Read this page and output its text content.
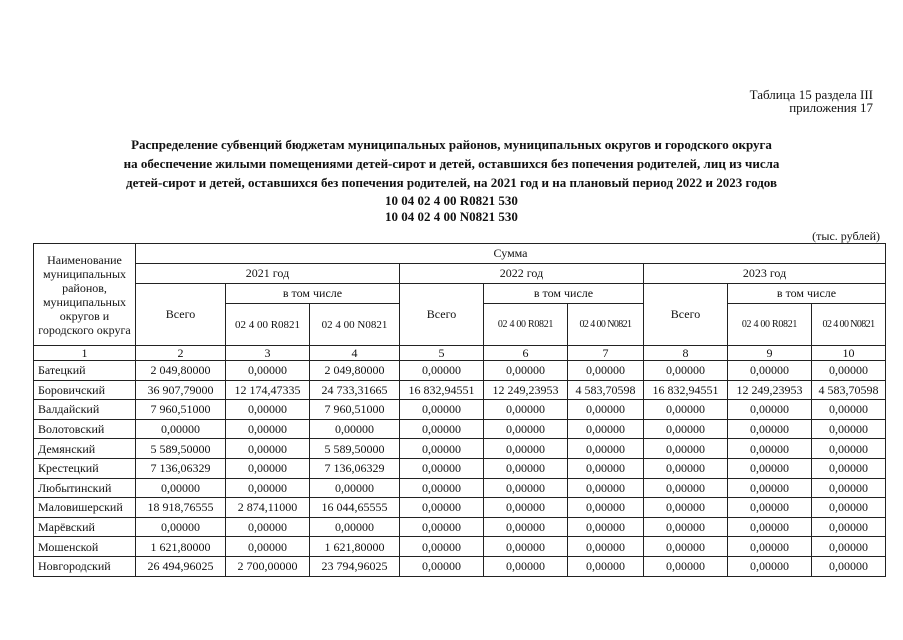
Таблица 15 раздела III
приложения 17
Распределение субвенций бюджетам муниципальных районов, муниципальных округов и городского округа
на обеспечение жилыми помещениями детей-сирот и детей, оставшихся без попечения родителей, лиц из числа
детей-сирот и детей, оставшихся без попечения родителей, на 2021 год и на плановый период 2022 и 2023 годов
10 04 02 4 00 R0821 530
10 04 02 4 00 N0821 530
(тыс. рублей)
Наименование муниципальных районов, муниципальных округов и городского округа	Сумма								
	2021 год			2022 год			2023 год		
	Всего	в том числе		Всего	в том числе		Всего	в том числе	
		02 4 00 R0821	02 4 00 N0821		02 4 00 R0821	02 4 00 N0821		02 4 00 R0821	02 4 00 N0821
1	2	3	4	5	6	7	8	9	10
Батецкий	2 049,80000	0,00000	2 049,80000	0,00000	0,00000	0,00000	0,00000	0,00000	0,00000
Боровичский	36 907,79000	12 174,47335	24 733,31665	16 832,94551	12 249,23953	4 583,70598	16 832,94551	12 249,23953	4 583,70598
Валдайский	7 960,51000	0,00000	7 960,51000	0,00000	0,00000	0,00000	0,00000	0,00000	0,00000
Волотовский	0,00000	0,00000	0,00000	0,00000	0,00000	0,00000	0,00000	0,00000	0,00000
Демянский	5 589,50000	0,00000	5 589,50000	0,00000	0,00000	0,00000	0,00000	0,00000	0,00000
Крестецкий	7 136,06329	0,00000	7 136,06329	0,00000	0,00000	0,00000	0,00000	0,00000	0,00000
Любытинский	0,00000	0,00000	0,00000	0,00000	0,00000	0,00000	0,00000	0,00000	0,00000
Маловишерский	18 918,76555	2 874,11000	16 044,65555	0,00000	0,00000	0,00000	0,00000	0,00000	0,00000
Марёвский	0,00000	0,00000	0,00000	0,00000	0,00000	0,00000	0,00000	0,00000	0,00000
Мошенской	1 621,80000	0,00000	1 621,80000	0,00000	0,00000	0,00000	0,00000	0,00000	0,00000
Новгородский	26 494,96025	2 700,00000	23 794,96025	0,00000	0,00000	0,00000	0,00000	0,00000	0,00000
